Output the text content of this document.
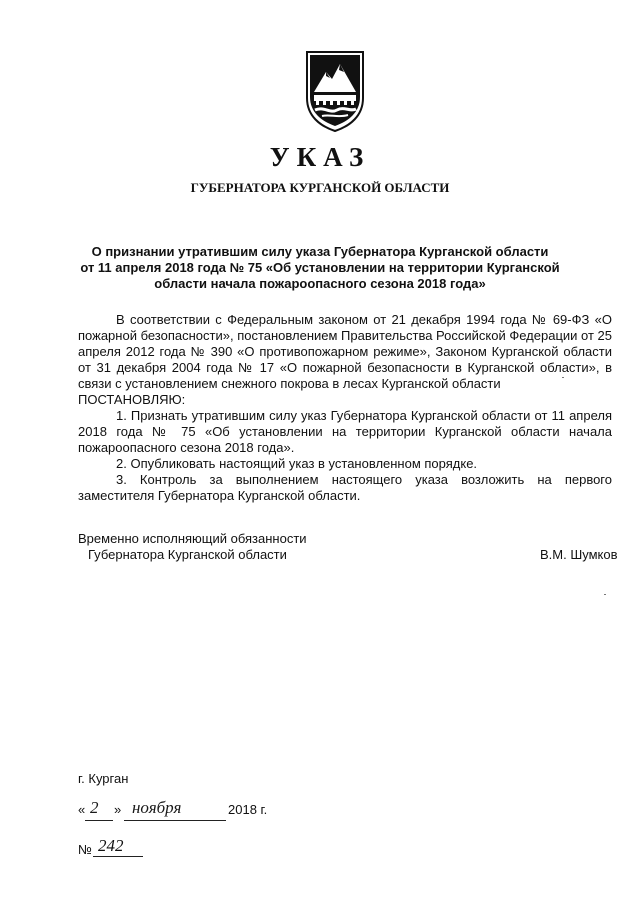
УКАЗ
ГУБЕРНАТОРА КУРГАНСКОЙ ОБЛАСТИ
О признании утратившим силу указа Губернатора Курганской области
от 11 апреля 2018 года № 75 «Об установлении на территории Курганской
области начала пожароопасного сезона 2018 года»

В соответствии с Федеральным законом от 21 декабря 1994 года № 69-ФЗ «О пожарной безопасности», постановлением Правительства Российской Федерации от 25 апреля 2012 года № 390 «О противопожарном режиме», Законом Курганской области от 31 декабря 2004 года № 17 «О пожарной безопасности в Курганской области», в связи с установлением снежного покрова в лесах Курганской области

ПОСТАНОВЛЯЮ:

1. Признать утратившим силу указ Губернатора Курганской области от 11 апреля 2018 года № 75 «Об установлении на территории Курганской области начала пожароопасного сезона 2018 года».

2. Опубликовать настоящий указ в установленном порядке.

3. Контроль за выполнением настоящего указа возложить на первого заместителя Губернатора Курганской области.

Временно исполняющий обязанности
Губернатора Курганской области	В.М. Шумков
г. Курган
« 2 » ноября	2018 г.
№ 242
